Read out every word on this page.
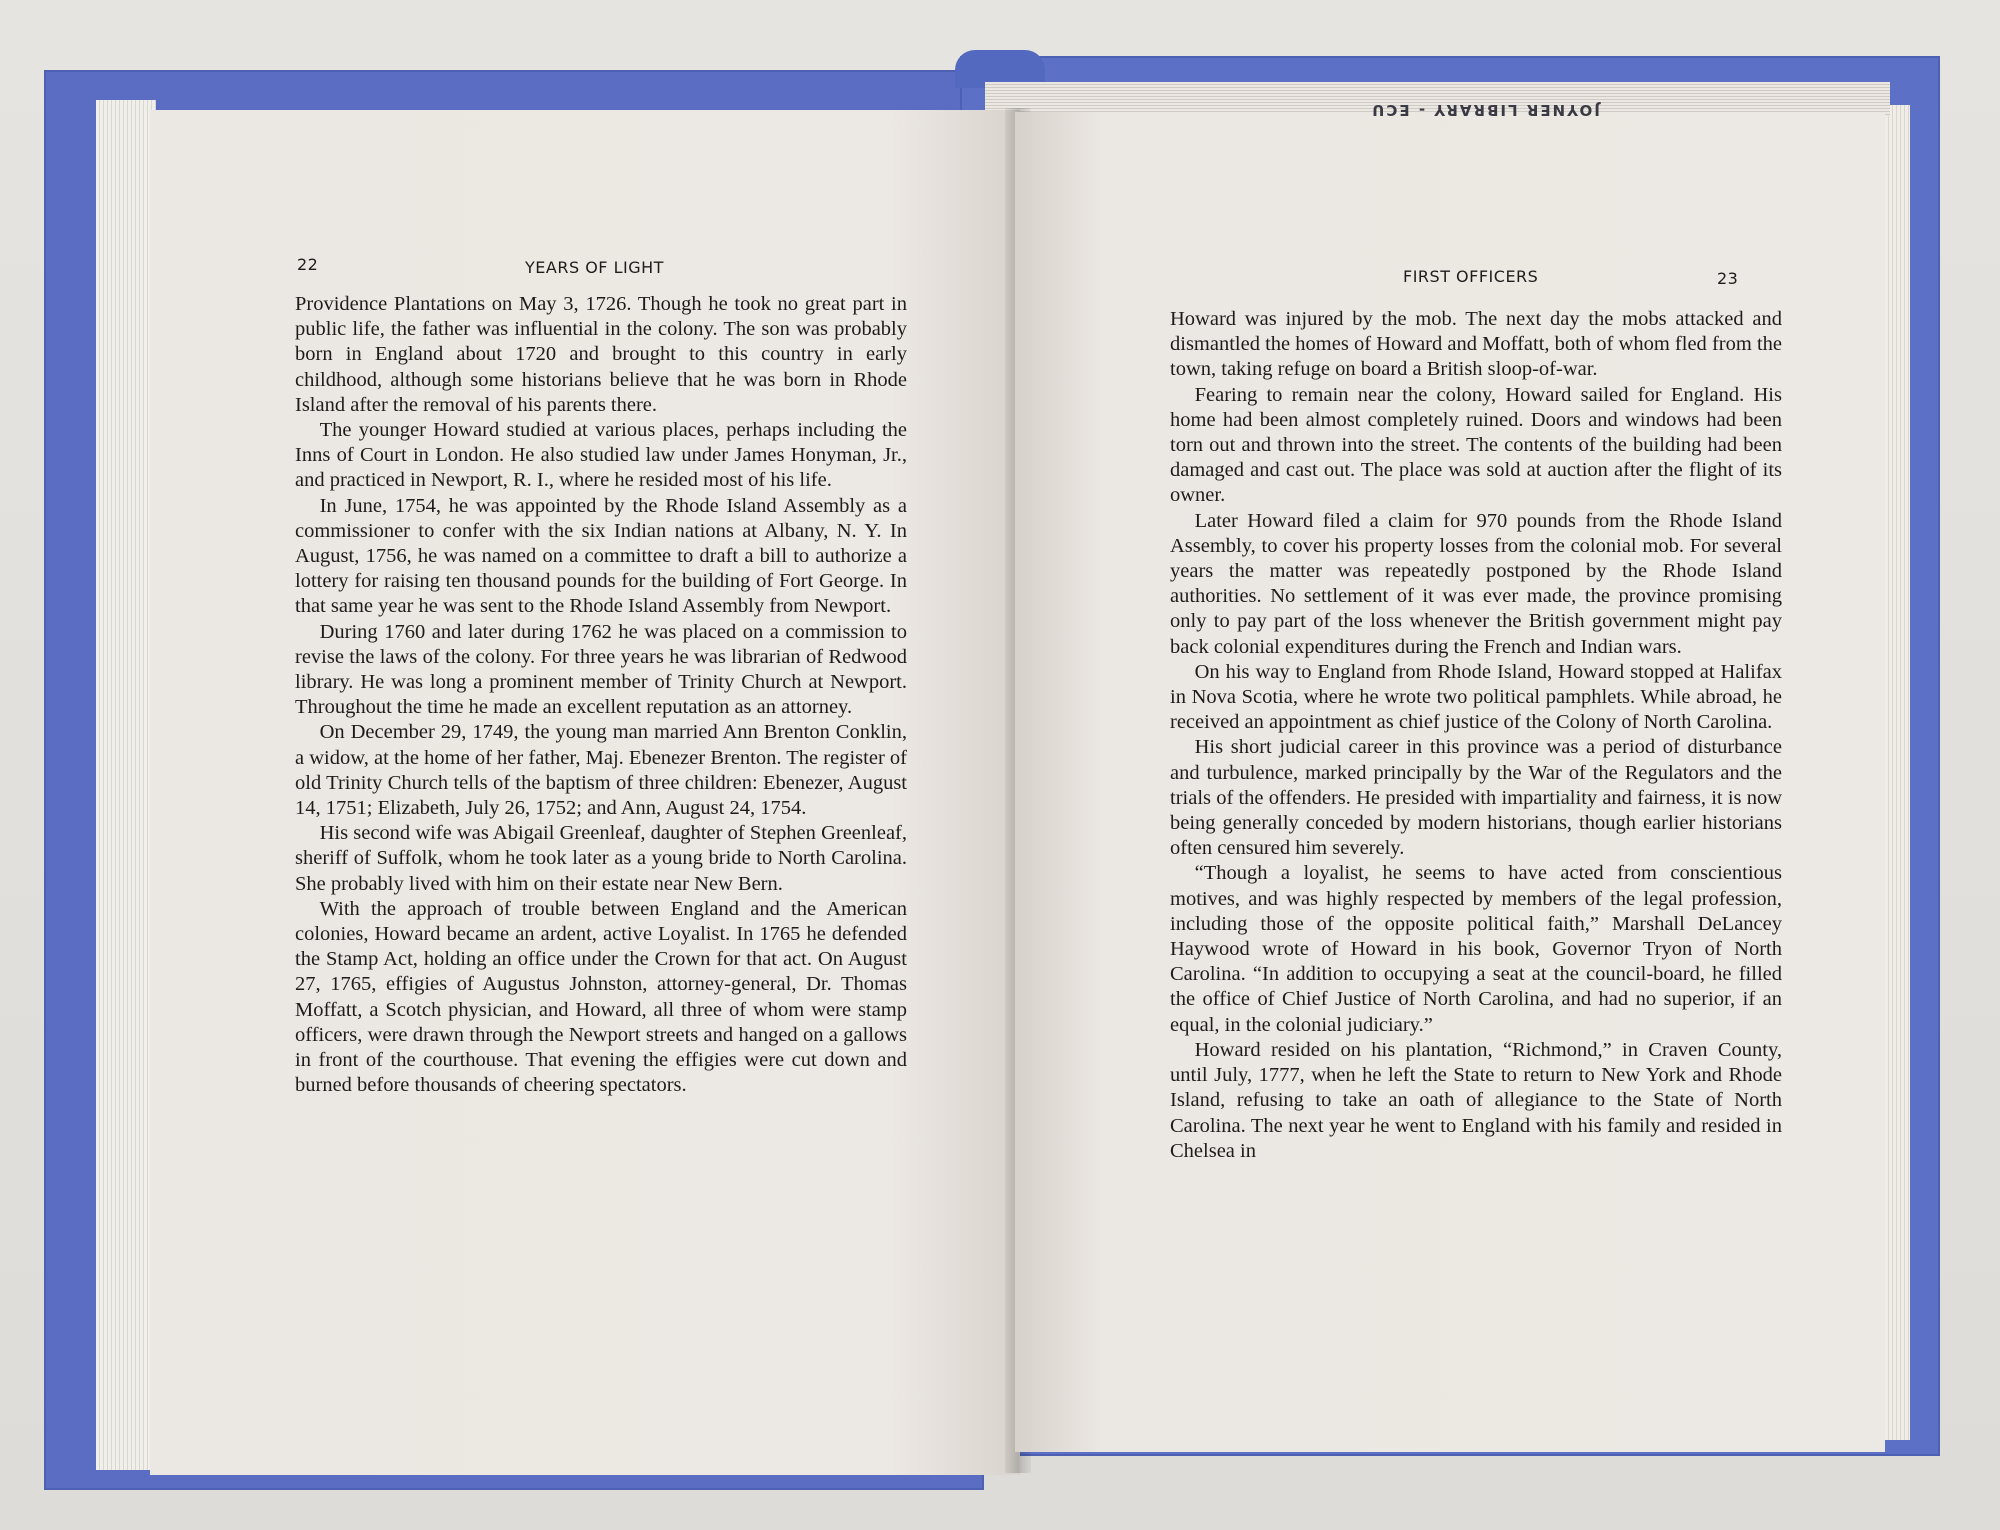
22	YEARS OF LIGHT

Providence Plantations on May 3, 1726. Though he took no great part in public life, the father was influential in the colony. The son was probably born in England about 1720 and brought to this country in early childhood, although some historians believe that he was born in Rhode Island after the removal of his parents there.

The younger Howard studied at various places, perhaps including the Inns of Court in London. He also studied law under James Honyman, Jr., and practiced in Newport, R. I., where he resided most of his life.

In June, 1754, he was appointed by the Rhode Island Assembly as a commissioner to confer with the six Indian nations at Albany, N. Y. In August, 1756, he was named on a committee to draft a bill to authorize a lottery for raising ten thousand pounds for the building of Fort George. In that same year he was sent to the Rhode Island Assembly from Newport.

During 1760 and later during 1762 he was placed on a commission to revise the laws of the colony. For three years he was librarian of Redwood library. He was long a prominent member of Trinity Church at Newport. Throughout the time he made an excellent reputation as an attorney.

On December 29, 1749, the young man married Ann Brenton Conklin, a widow, at the home of her father, Maj. Ebenezer Brenton. The register of old Trinity Church tells of the baptism of three children: Ebenezer, August 14, 1751; Elizabeth, July 26, 1752; and Ann, August 24, 1754.

His second wife was Abigail Greenleaf, daughter of Stephen Greenleaf, sheriff of Suffolk, whom he took later as a young bride to North Carolina. She probably lived with him on their estate near New Bern.

With the approach of trouble between England and the American colonies, Howard became an ardent, active Loyalist. In 1765 he defended the Stamp Act, holding an office under the Crown for that act. On August 27, 1765, effigies of Augustus Johnston, attorney-general, Dr. Thomas Moffatt, a Scotch physician, and Howard, all three of whom were stamp officers, were drawn through the Newport streets and hanged on a gallows in front of the courthouse. That evening the effigies were cut down and burned before thousands of cheering spectators.

FIRST OFFICERS	23

Howard was injured by the mob. The next day the mobs attacked and dismantled the homes of Howard and Moffatt, both of whom fled from the town, taking refuge on board a British sloop-of-war.

Fearing to remain near the colony, Howard sailed for England. His home had been almost completely ruined. Doors and windows had been torn out and thrown into the street. The contents of the building had been damaged and cast out. The place was sold at auction after the flight of its owner.

Later Howard filed a claim for 970 pounds from the Rhode Island Assembly, to cover his property losses from the colonial mob. For several years the matter was repeatedly postponed by the Rhode Island authorities. No settlement of it was ever made, the province promising only to pay part of the loss whenever the British government might pay back colonial expenditures during the French and Indian wars.

On his way to England from Rhode Island, Howard stopped at Halifax in Nova Scotia, where he wrote two political pamphlets. While abroad, he received an appointment as chief justice of the Colony of North Carolina.

His short judicial career in this province was a period of disturbance and turbulence, marked principally by the War of the Regulators and the trials of the offenders. He presided with impartiality and fairness, it is now being generally conceded by modern historians, though earlier historians often censured him severely.

“Though a loyalist, he seems to have acted from conscientious motives, and was highly respected by members of the legal profession, including those of the opposite political faith,” Marshall DeLancey Haywood wrote of Howard in his book, Governor Tryon of North Carolina. “In addition to occupying a seat at the council-board, he filled the office of Chief Justice of North Carolina, and had no superior, if an equal, in the colonial judiciary.”

Howard resided on his plantation, “Richmond,” in Craven County, until July, 1777, when he left the State to return to New York and Rhode Island, refusing to take an oath of allegiance to the State of North Carolina. The next year he went to England with his family and resided in Chelsea in

JOYNER LIBRARY - ECU
